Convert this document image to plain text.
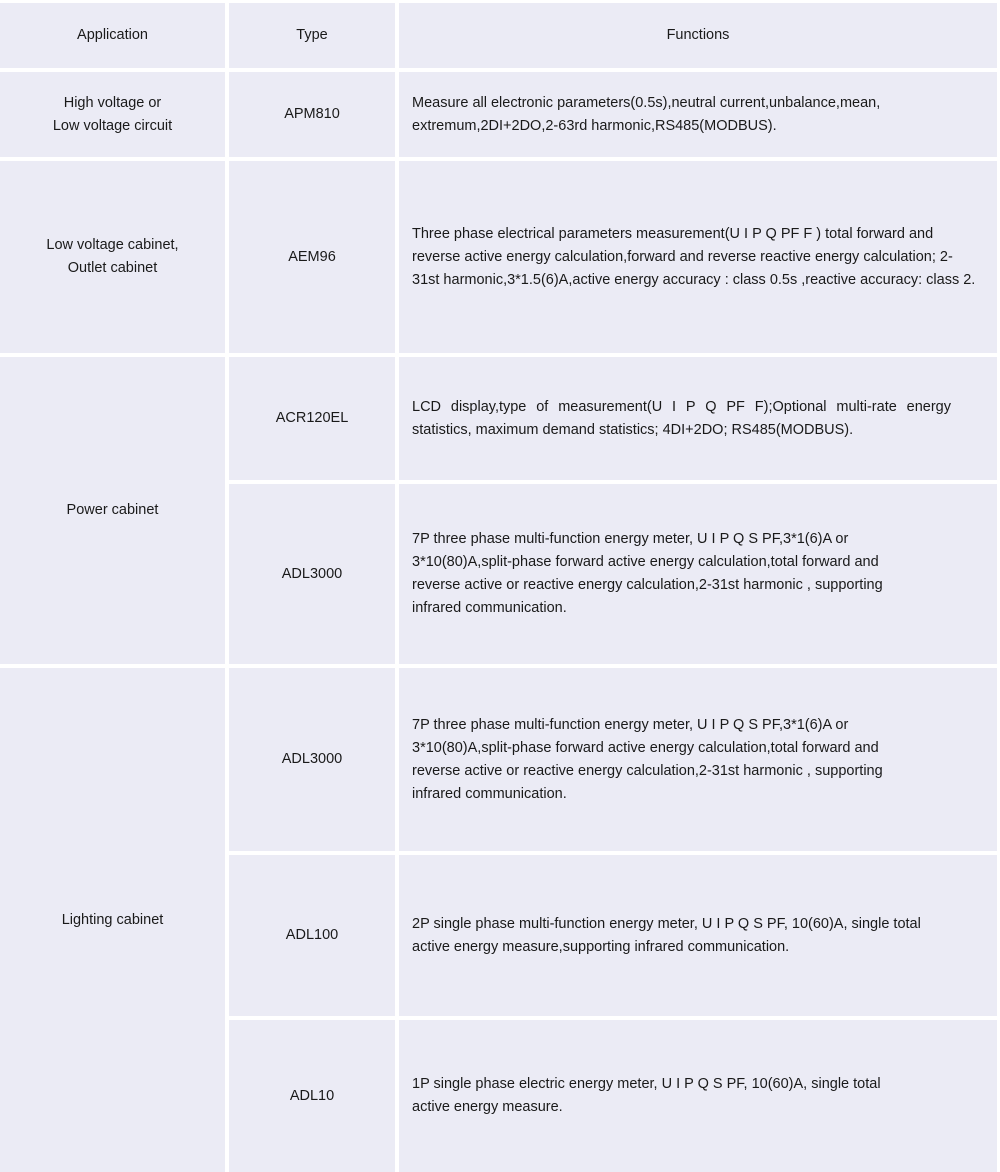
Application	Type	Functions
High voltage or
Low voltage circuit
APM810
Measure all electronic parameters(0.5s),neutral current,unbalance,mean, extremum,2DI+2DO,2-63rd harmonic,RS485(MODBUS).
Low voltage cabinet,
Outlet cabinet
AEM96
Three phase electrical parameters measurement(U I P Q PF F ) total forward and reverse active energy calculation,forward and reverse reactive energy calculation; 2-31st harmonic,3*1.5(6)A,active energy accuracy : class 0.5s ,reactive accuracy: class 2.
Power cabinet
ACR120EL
LCD display,type of measurement(U I P Q PF F);Optional multi-rate energy statistics, maximum demand statistics; 4DI+2DO; RS485(MODBUS).
ADL3000
7P three phase multi-function energy meter, U I P Q S PF,3*1(6)A or 3*10(80)A,split-phase forward active energy calculation,total forward and reverse active or reactive energy calculation,2-31st harmonic , supporting infrared communication.
Lighting cabinet
ADL3000
7P three phase multi-function energy meter, U I P Q S PF,3*1(6)A or 3*10(80)A,split-phase forward active energy calculation,total forward and reverse active or reactive energy calculation,2-31st harmonic , supporting infrared communication.
ADL100
2P single phase multi-function energy meter, U I P Q S PF, 10(60)A, single total active energy measure,supporting infrared communication.
ADL10
1P single phase electric energy meter, U I P Q S PF, 10(60)A, single total active energy measure.
